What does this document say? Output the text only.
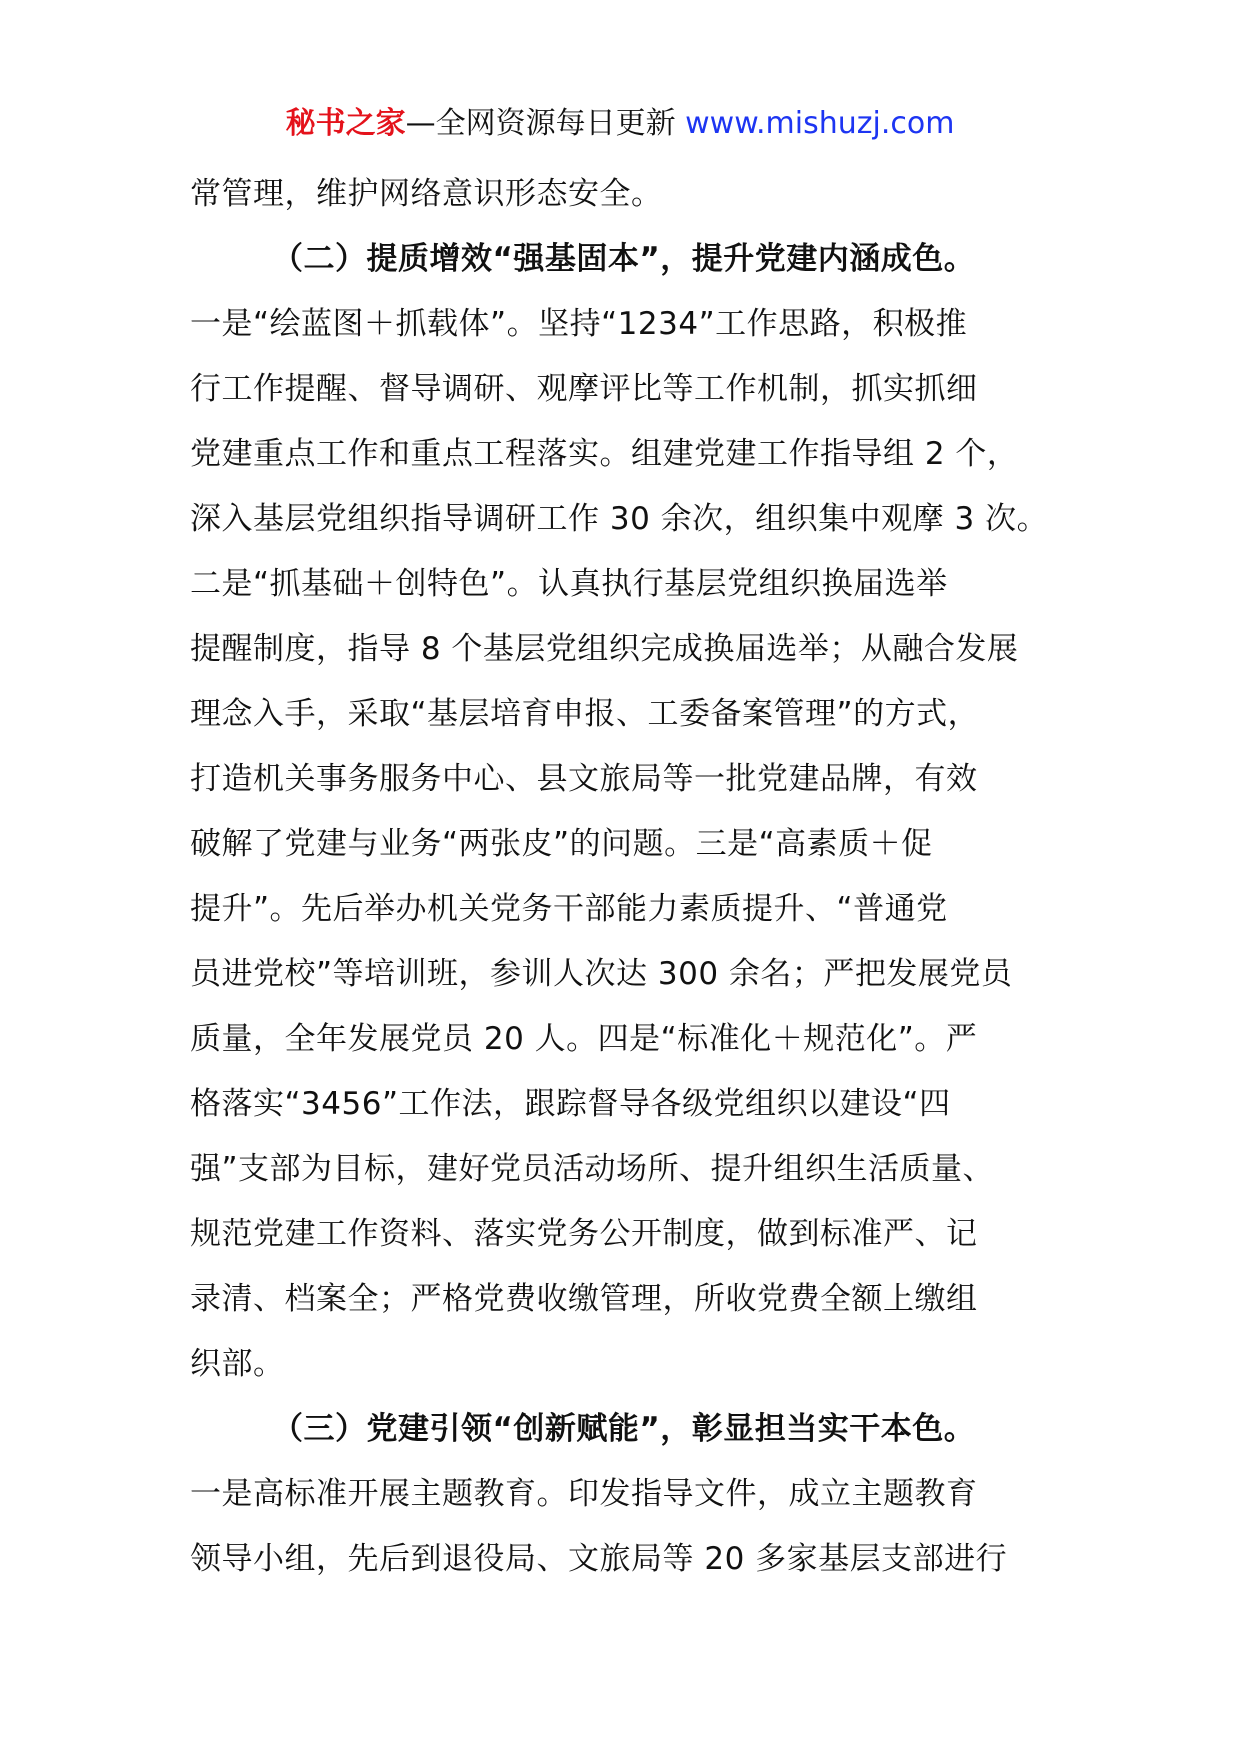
秘书之家—全网资源每日更新 www.mishuzj.com
常管理，维护网络意识形态安全。
（二）提质增效“强基固本”，提升党建内涵成色。
一是“绘蓝图＋抓载体”。坚持“1234”工作思路，积极推
行工作提醒、督导调研、观摩评比等工作机制，抓实抓细
党建重点工作和重点工程落实。组建党建工作指导组 2 个，
深入基层党组织指导调研工作 30 余次，组织集中观摩 3 次。
二是“抓基础＋创特色”。认真执行基层党组织换届选举
提醒制度，指导 8 个基层党组织完成换届选举；从融合发展
理念入手，采取“基层培育申报、工委备案管理”的方式，
打造机关事务服务中心、县文旅局等一批党建品牌，有效
破解了党建与业务“两张皮”的问题。三是“高素质＋促
提升”。先后举办机关党务干部能力素质提升、“普通党
员进党校”等培训班，参训人次达 300 余名；严把发展党员
质量，全年发展党员 20 人。四是“标准化＋规范化”。严
格落实“3456”工作法，跟踪督导各级党组织以建设“四
强”支部为目标，建好党员活动场所、提升组织生活质量、
规范党建工作资料、落实党务公开制度，做到标准严、记
录清、档案全；严格党费收缴管理，所收党费全额上缴组
织部。
（三）党建引领“创新赋能”，彰显担当实干本色。
一是高标准开展主题教育。印发指导文件，成立主题教育
领导小组，先后到退役局、文旅局等 20 多家基层支部进行
